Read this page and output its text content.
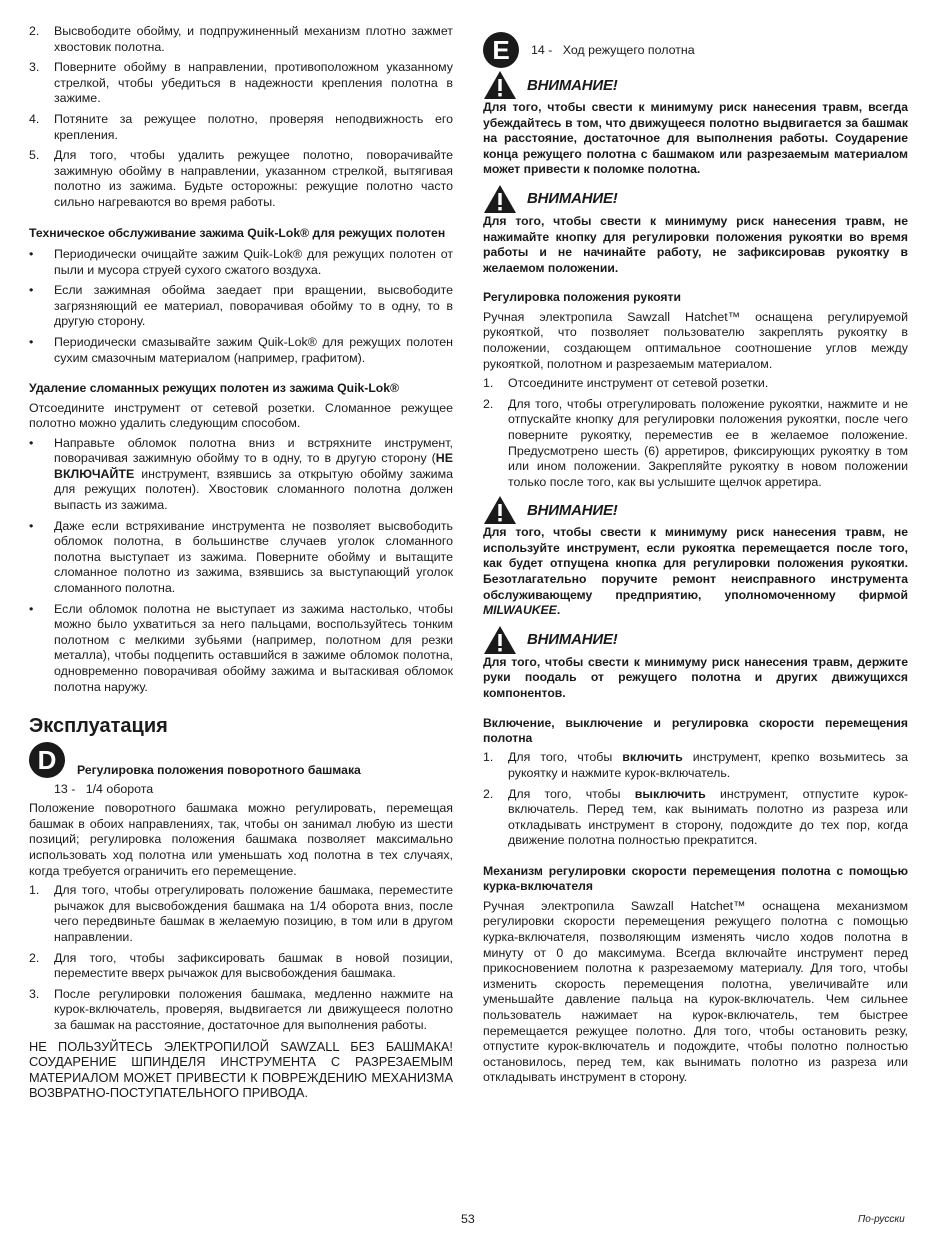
2. Высвободите обойму, и подпружиненный механизм плотно зажмет хвостовик полотна.
3. Поверните обойму в направлении, противоположном указанному стрелкой, чтобы убедиться в надежности крепления полотна в зажиме.
4. Потяните за режущее полотно, проверяя неподвижность его крепления.
5. Для того, чтобы удалить режущее полотно, поворачивайте зажимную обойму в направлении, указанном стрелкой, вытягивая полотно из зажима. Будьте осторожны: режущие полотно часто сильно нагреваются во время работы.

Техническое обслуживание зажима Quik-Lok® для режущих полотен

• Периодически очищайте зажим Quik-Lok® для режущих полотен от пыли и мусора струей сухого сжатого воздуха.
• Если зажимная обойма заедает при вращении, высвободите загрязняющий ее материал, поворачивая обойму то в одну, то в другую сторону.
• Периодически смазывайте зажим Quik-Lok® для режущих полотен сухим смазочным материалом (например, графитом).

Удаление сломанных режущих полотен из зажима Quik-Lok®

Отсоедините инструмент от сетевой розетки. Сломанное режущее полотно можно удалить следующим способом.

• Направьте обломок полотна вниз и встряхните инструмент, поворачивая зажимную обойму то в одну, то в другую сторону (НЕ ВКЛЮЧАЙТЕ инструмент, взявшись за открытую обойму зажима для режущих полотен). Хвостовик сломанного полотна должен выпасть из зажима.
• Даже если встряхивание инструмента не позволяет высвободить обломок полотна, в большинстве случаев уголок сломанного полотна выступает из зажима. Поверните обойму и вытащите сломанное полотно из зажима, взявшись за выступающий уголок сломанного полотна.
• Если обломок полотна не выступает из зажима настолько, чтобы можно было ухватиться за него пальцами, воспользуйтесь тонким полотном с мелкими зубьями (например, полотном для резки металла), чтобы подцепить оставшийся в зажиме обломок полотна, одновременно поворачивая обойму зажима и вытаскивая обломок полотна наружу.

Эксплуатация

D	Регулировка положения поворотного башмака
13 - 1/4 оборота

Положение поворотного башмака можно регулировать, перемещая башмак в обоих направлениях, так, чтобы он занимал любую из шести позиций; регулировка положения башмака позволяет максимально использовать ход полотна или уменьшать ход полотна в тех случаях, когда требуется ограничить его перемещение.

1. Для того, чтобы отрегулировать положение башмака, переместите рычажок для высвобождения башмака на 1/4 оборота вниз, после чего передвиньте башмак в желаемую позицию, в том или в другом направлении.
2. Для того, чтобы зафиксировать башмак в новой позиции, переместите вверх рычажок для высвобождения башмака.
3. После регулировки положения башмака, медленно нажмите на курок-включатель, проверяя, выдвигается ли движущееся полотно за башмак на расстояние, достаточное для выполнения работы.

НЕ ПОЛЬЗУЙТЕСЬ ЭЛЕКТРОПИЛОЙ SAWZALL БЕЗ БАШМАКА! СОУДАРЕНИЕ ШПИНДЕЛЯ ИНСТРУМЕНТА С РАЗРЕЗАЕМЫМ МАТЕРИАЛОМ МОЖЕТ ПРИВЕСТИ К ПОВРЕЖДЕНИЮ МЕХАНИЗМА ВОЗВРАТНО-ПОСТУПАТЕЛЬНОГО ПРИВОДА.

E	14 - Ход режущего полотна
ВНИМАНИЕ!

Для того, чтобы свести к минимуму риск нанесения травм, всегда убеждайтесь в том, что движущееся полотно выдвигается за башмак на расстояние, достаточное для выполнения работы. Соударение конца режущего полотна с башмаком или разрезаемым материалом может привести к поломке полотна.

ВНИМАНИЕ!

Для того, чтобы свести к минимуму риск нанесения травм, не нажимайте кнопку для регулировки положения рукоятки во время работы и не начинайте работу, не зафиксировав рукоятку в желаемом положении.

Регулировка положения рукояти

Ручная электропила Sawzall Hatchet™ оснащена регулируемой рукояткой, что позволяет пользователю закреплять рукоятку в положении, создающем оптимальное соотношение углов между рукояткой, полотном и разрезаемым материалом.

1. Отсоедините инструмент от сетевой розетки.
2. Для того, чтобы отрегулировать положение рукоятки, нажмите и не отпускайте кнопку для регулировки положения рукоятки, после чего поверните рукоятку, переместив ее в желаемое положение. Предусмотрено шесть (6) арретиров, фиксирующих рукоятку в том или ином положении. Закрепляйте рукоятку в новом положении только после того, как вы услышите щелчок арретира.
ВНИМАНИЕ!

Для того, чтобы свести к минимуму риск нанесения травм, не используйте инструмент, если рукоятка перемещается после того, как будет отпущена кнопка для регулировки положения рукоятки. Безотлагательно поручите ремонт неисправного инструмента обслуживающему предприятию, уполномоченному фирмой MILWAUKEE.

ВНИМАНИЕ!

Для того, чтобы свести к минимуму риск нанесения травм, держите руки поодаль от режущего полотна и других движущихся компонентов.

Включение, выключение и регулировка скорости перемещения полотна

1. Для того, чтобы включить инструмент, крепко возьмитесь за рукоятку и нажмите курок-включатель.
2. Для того, чтобы выключить инструмент, отпустите курок-включатель. Перед тем, как вынимать полотно из разреза или откладывать инструмент в сторону, подождите до тех пор, когда движение полотна полностью прекратится.

Механизм регулировки скорости перемещения полотна с помощью курка-включателя

Ручная электропила Sawzall Hatchet™ оснащена механизмом регулировки скорости перемещения режущего полотна с помощью курка-включателя, позволяющим изменять число ходов полотна в минуту от 0 до максимума. Всегда включайте инструмент перед прикосновением полотна к разрезаемому материалу. Для того, чтобы изменить скорость перемещения полотна, увеличивайте или уменьшайте давление пальца на курок-включатель. Чем сильнее пользователь нажимает на курок-включатель, тем быстрее перемещается режущее полотно. Для того, чтобы остановить резку, отпустите курок-включатель и подождите, чтобы полотно полностью остановилось, перед тем, как вынимать полотно из разреза или откладывать инструмент в сторону.

53	По-русски
